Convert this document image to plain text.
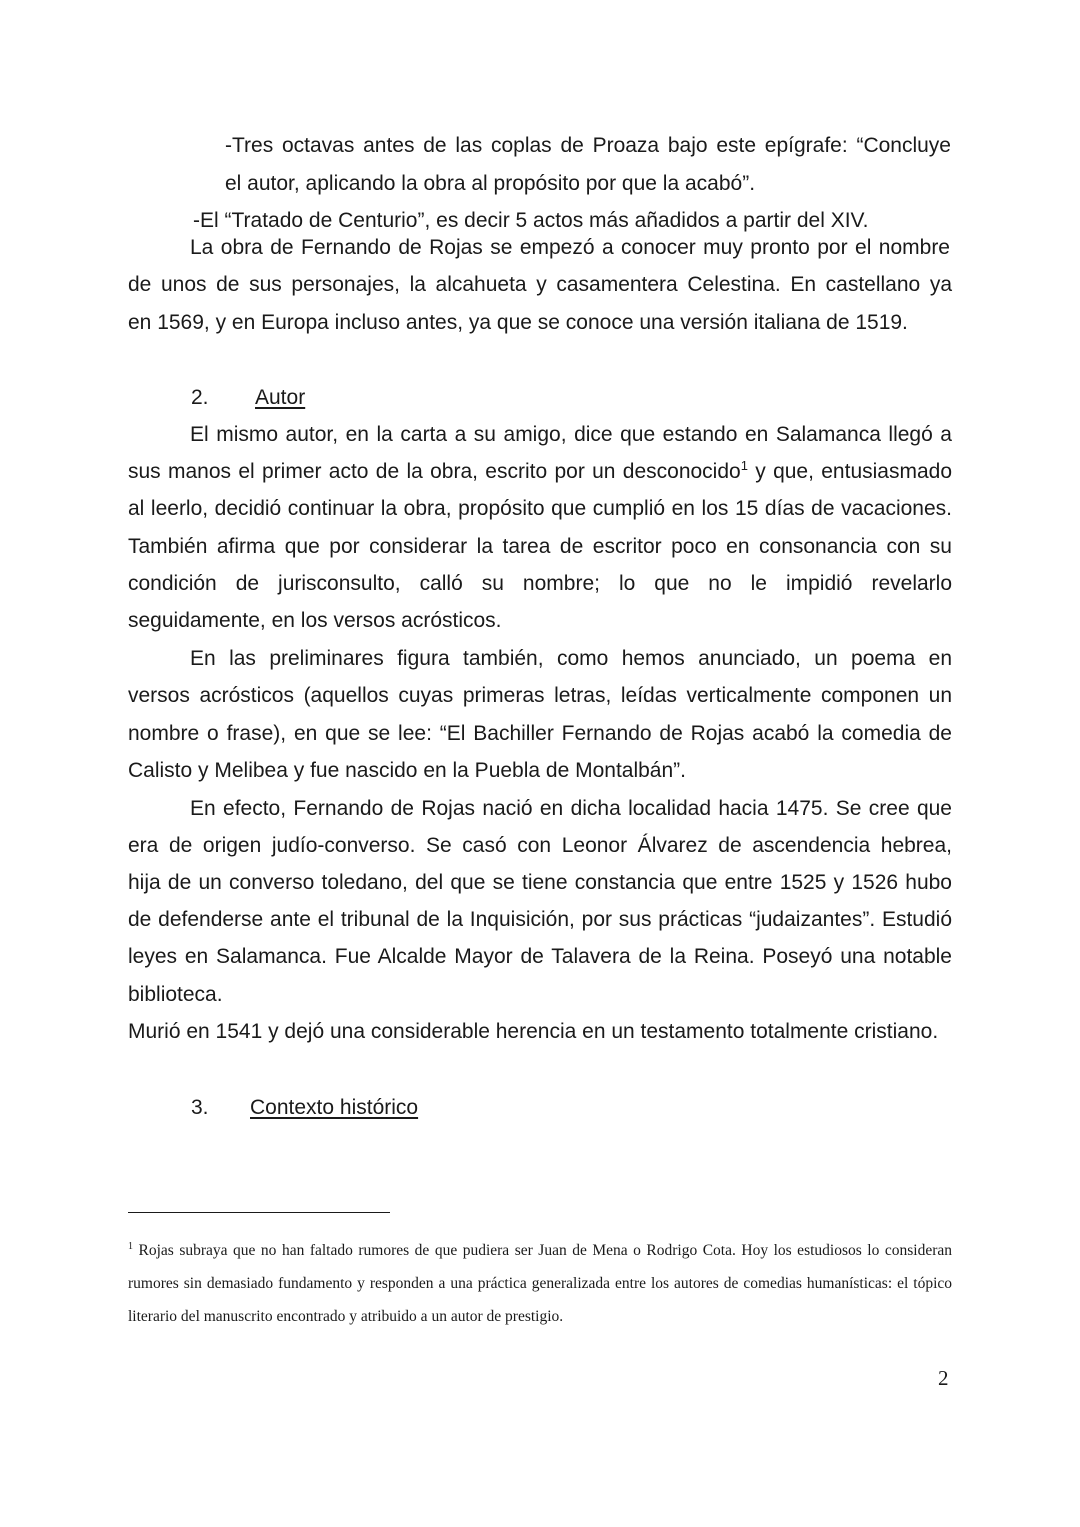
-Tres octavas antes de las coplas de Proaza bajo este epígrafe: “Concluye
el autor, aplicando la obra al propósito por que la acabó”.
-El “Tratado de Centurio”, es decir 5 actos más añadidos a partir del XIV.
La obra de Fernando de Rojas se empezó a conocer muy pronto por el nombre
de unos de sus personajes, la alcahueta y casamentera Celestina. En castellano ya
en 1569, y en Europa incluso antes, ya que se conoce una versión italiana de 1519.
2. Autor
El mismo autor, en la carta a su amigo, dice que estando en Salamanca llegó a
sus manos el primer acto de la obra, escrito por un desconocido$^1$ y que, entusiasmado
al leerlo, decidió continuar la obra, propósito que cumplió en los 15 días de vacaciones.
También afirma que por considerar la tarea de escritor poco en consonancia con su
condición de jurisconsulto, calló su nombre; lo que no le impidió revelarlo
seguidamente, en los versos acrósticos.
En las preliminares figura también, como hemos anunciado, un poema en
versos acrósticos (aquellos cuyas primeras letras, leídas verticalmente componen un
nombre o frase), en que se lee: “El Bachiller Fernando de Rojas acabó la comedia de
Calisto y Melibea y fue nascido en la Puebla de Montalbán”.
En efecto, Fernando de Rojas nació en dicha localidad hacia 1475. Se cree que
era de origen judío-converso. Se casó con Leonor Álvarez de ascendencia hebrea,
hija de un converso toledano, del que se tiene constancia que entre 1525 y 1526 hubo
de defenderse ante el tribunal de la Inquisición, por sus prácticas “judaizantes”. Estudió
leyes en Salamanca. Fue Alcalde Mayor de Talavera de la Reina. Poseyó una notable
biblioteca.
Murió en 1541 y dejó una considerable herencia en un testamento totalmente cristiano.
3. Contexto histórico
$^1$ Rojas subraya que no han faltado rumores de que pudiera ser Juan de Mena o Rodrigo Cota. Hoy los estudiosos lo consideran rumores sin demasiado fundamento y responden a una práctica generalizada entre los autores de comedias humanísticas: el tópico literario del manuscrito encontrado y atribuido a un autor de prestigio.
2
